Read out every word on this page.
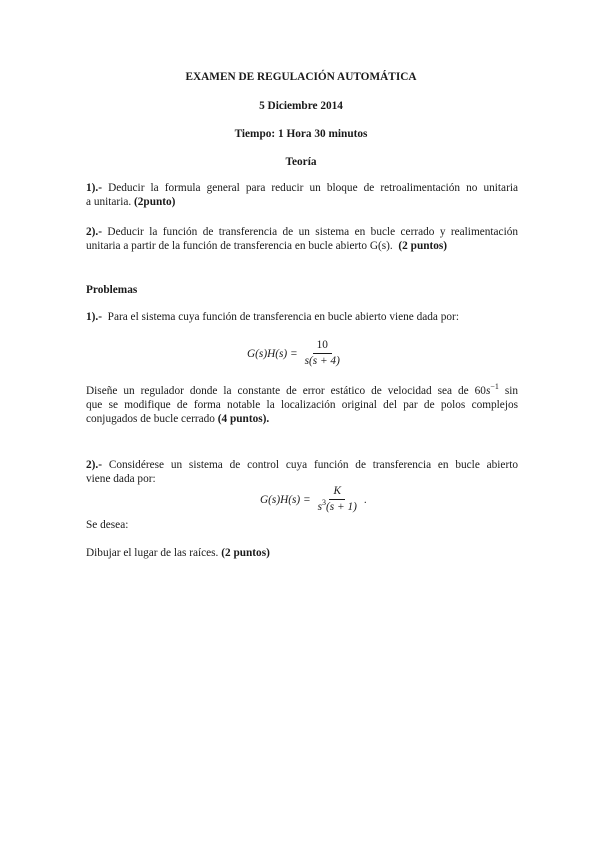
EXAMEN DE REGULACIÓN AUTOMÁTICA
5 Diciembre 2014
Tiempo: 1 Hora 30 minutos
Teoría
1).- Deducir la formula general para reducir un bloque de retroalimentación no unitaria
a unitaria. (2punto)
2).- Deducir la función de transferencia de un sistema en bucle cerrado y realimentación
unitaria a partir de la función de transferencia en bucle abierto G(s). (2 puntos)
Problemas
1).- Para el sistema cuya función de transferencia en bucle abierto viene dada por:
$G(s)H(s) = \frac{10}{s(s + 4)}$
Diseñe un regulador donde la constante de error estático de velocidad sea de $60s^{-1}$ sin
que se modifique de forma notable la localización original del par de polos complejos
conjugados de bucle cerrado (4 puntos).
2).- Considérese un sistema de control cuya función de transferencia en bucle abierto
viene dada por:
$G(s)H(s) = \frac{K}{s^3(s + 1)}$ .
Se desea:
Dibujar el lugar de las raíces. (2 puntos)
